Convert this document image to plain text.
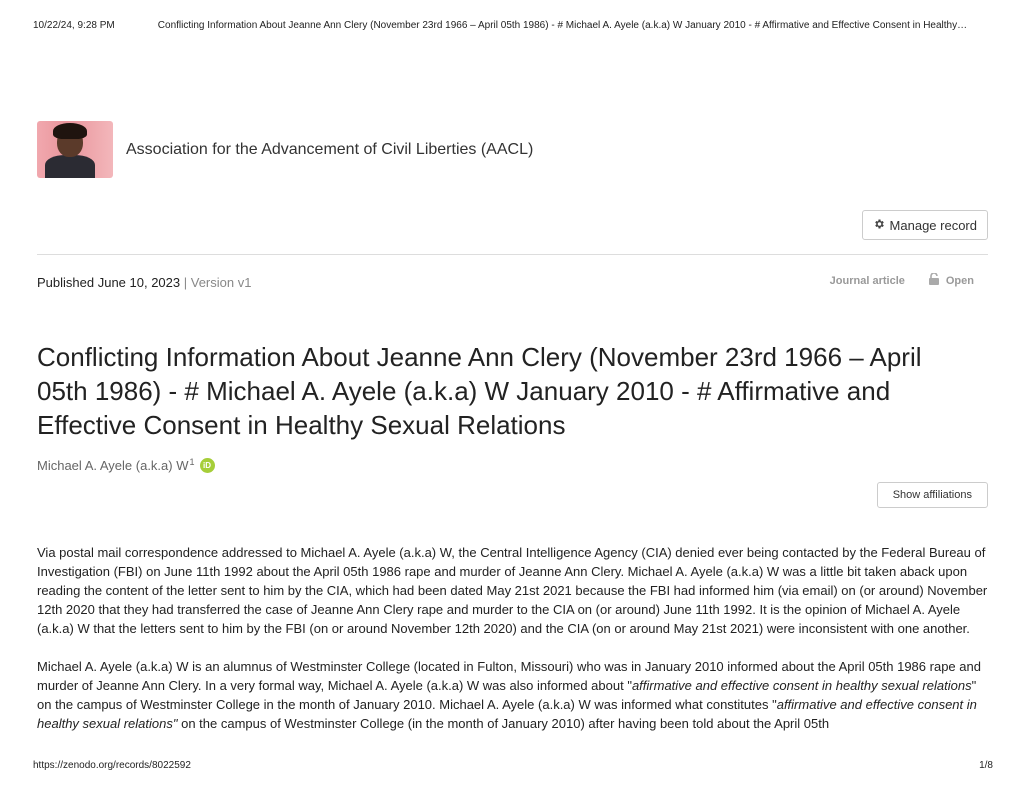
10/22/24, 9:28 PM	Conflicting Information About Jeanne Ann Clery (November 23rd 1966 – April 05th 1986) - # Michael A. Ayele (a.k.a) W January 2010 - # Affirmative and Effective Consent in Healthy…
Association for the Advancement of Civil Liberties (AACL)
Manage record
Published June 10, 2023 | Version v1	Journal article	Open
Conflicting Information About Jeanne Ann Clery (November 23rd 1966 – April 05th 1986) - # Michael A. Ayele (a.k.a) W January 2010 - # Affirmative and Effective Consent in Healthy Sexual Relations
Michael A. Ayele (a.k.a) $W^1$	iD
Show affiliations

Via postal mail correspondence addressed to Michael A. Ayele (a.k.a) W, the Central Intelligence Agency (CIA) denied ever being contacted by the Federal Bureau of Investigation (FBI) on June 11th 1992 about the April 05th 1986 rape and murder of Jeanne Ann Clery. Michael A. Ayele (a.k.a) W was a little bit taken aback upon reading the content of the letter sent to him by the CIA, which had been dated May 21st 2021 because the FBI had informed him (via email) on (or around) November 12th 2020 that they had transferred the case of Jeanne Ann Clery rape and murder to the CIA on (or around) June 11th 1992. It is the opinion of Michael A. Ayele (a.k.a) W that the letters sent to him by the FBI (on or around November 12th 2020) and the CIA (on or around May 21st 2021) were inconsistent with one another.

Michael A. Ayele (a.k.a) W is an alumnus of Westminster College (located in Fulton, Missouri) who was in January 2010 informed about the April 05th 1986 rape and murder of Jeanne Ann Clery. In a very formal way, Michael A. Ayele (a.k.a) W was also informed about "affirmative and effective consent in healthy sexual relations" on the campus of Westminster College in the month of January 2010. Michael A. Ayele (a.k.a) W was informed what constitutes "affirmative and effective consent in healthy sexual relations" on the campus of Westminster College (in the month of January 2010) after having been told about the April 05th

https://zenodo.org/records/8022592	1/8
